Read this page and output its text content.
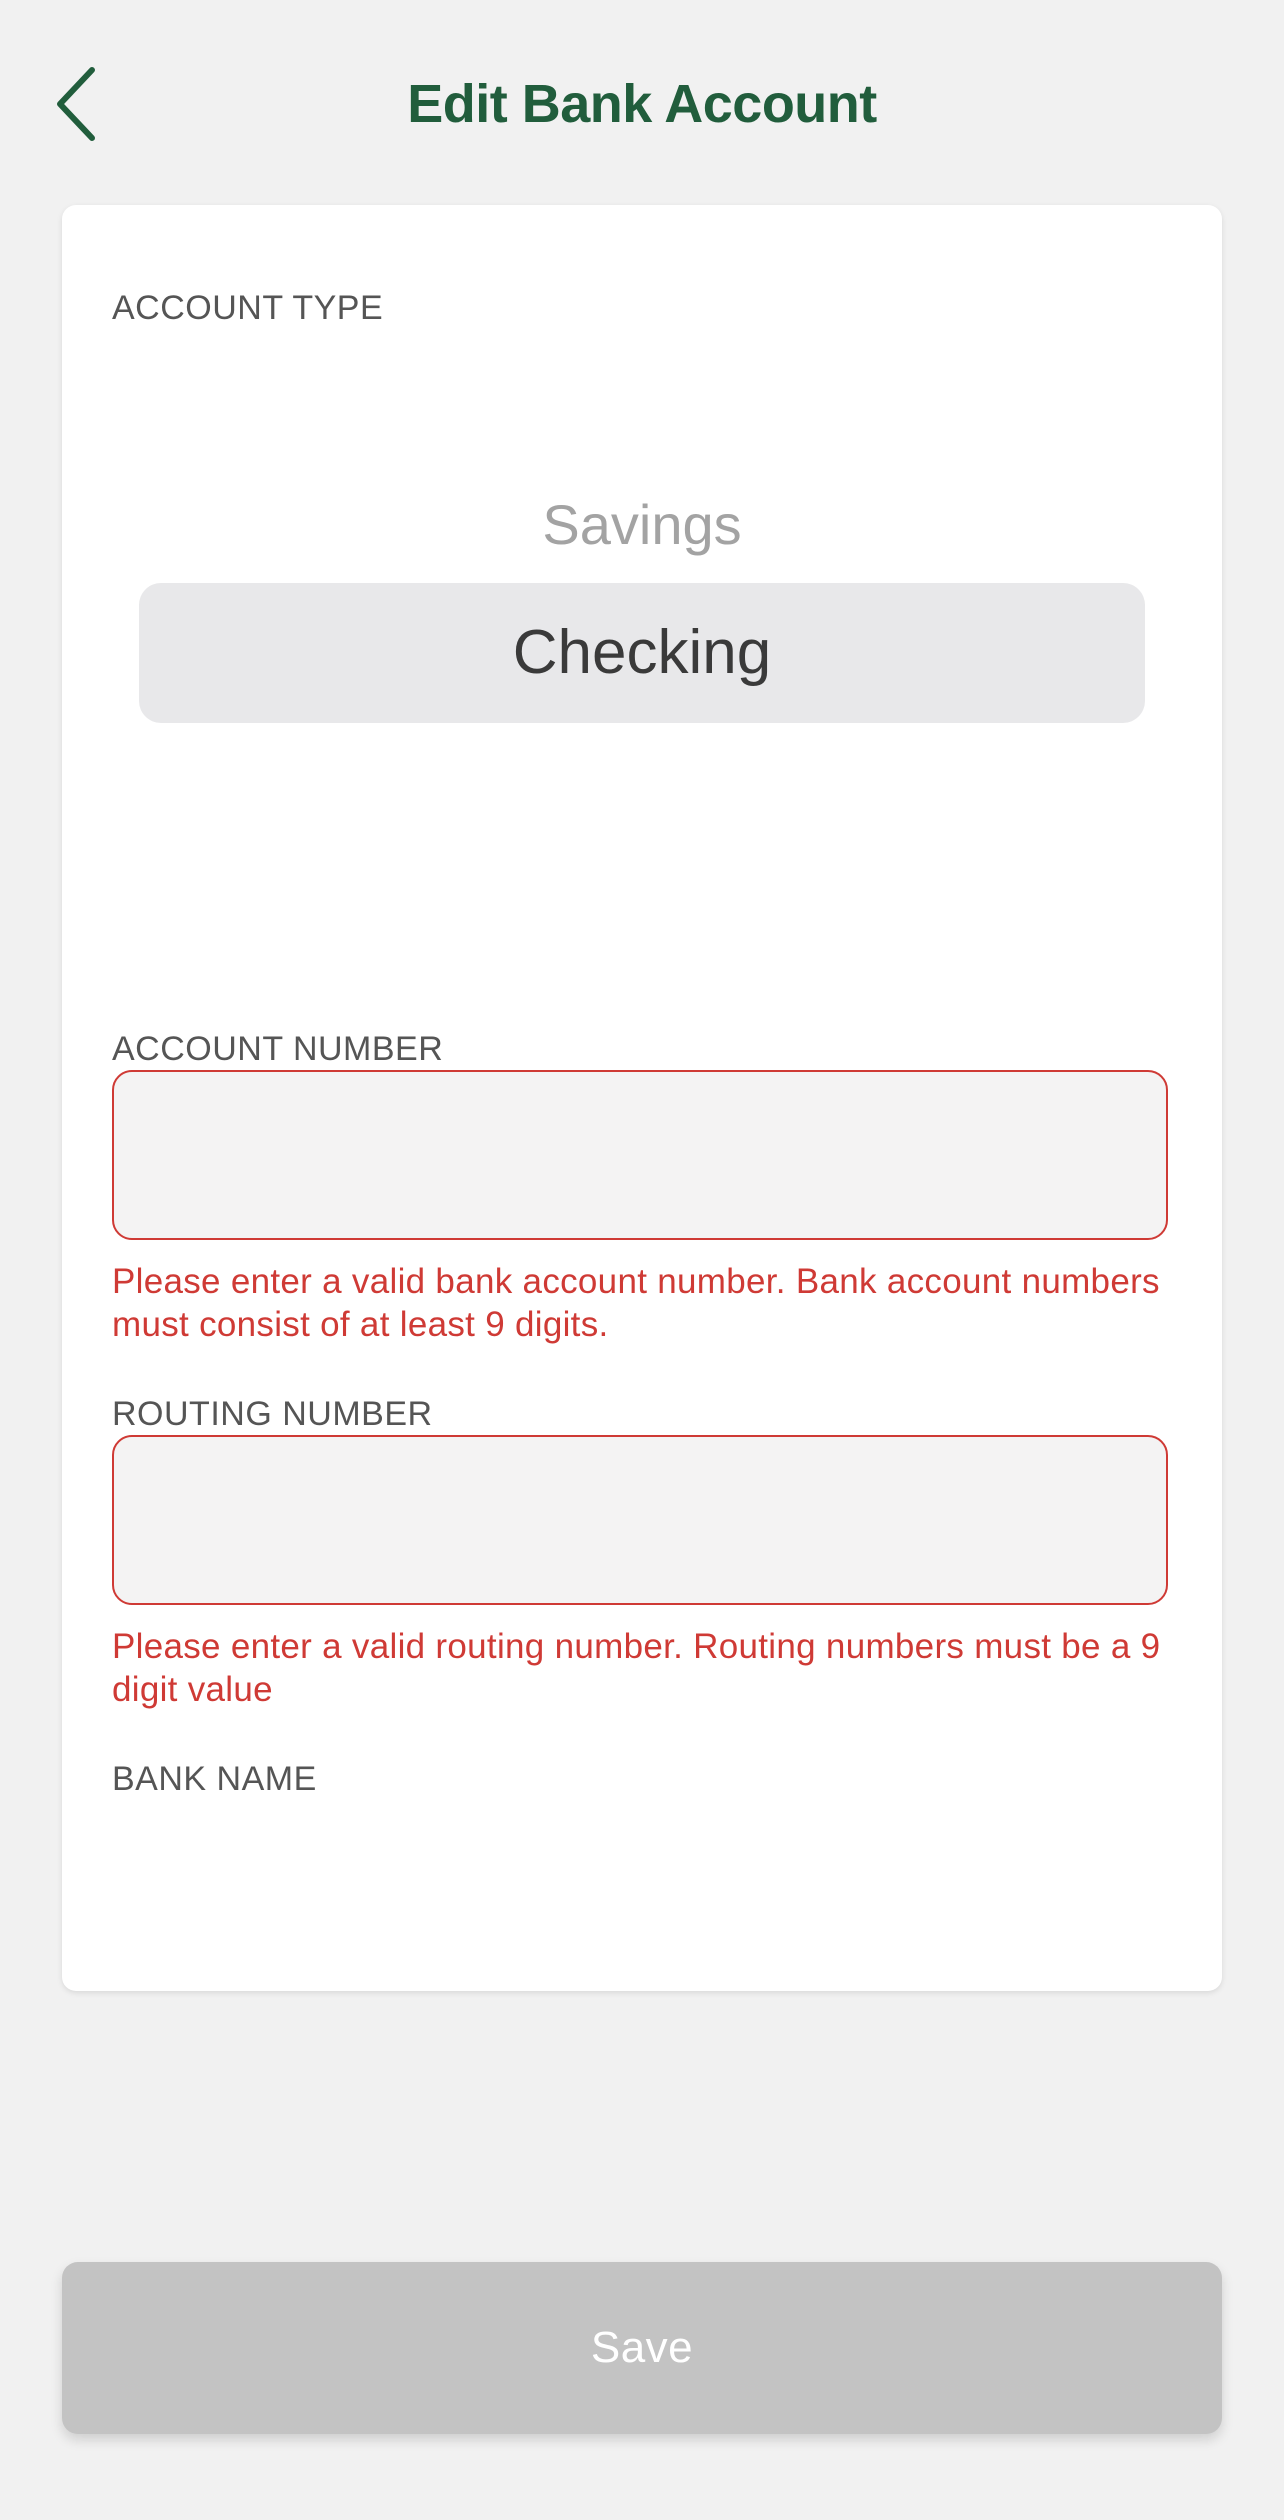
Edit Bank Account
ACCOUNT TYPE
Savings
Checking
ACCOUNT NUMBER
Please enter a valid bank account number. Bank account numbers must consist of at least 9 digits.
ROUTING NUMBER
Please enter a valid routing number. Routing numbers must be a 9 digit value
BANK NAME
Save
